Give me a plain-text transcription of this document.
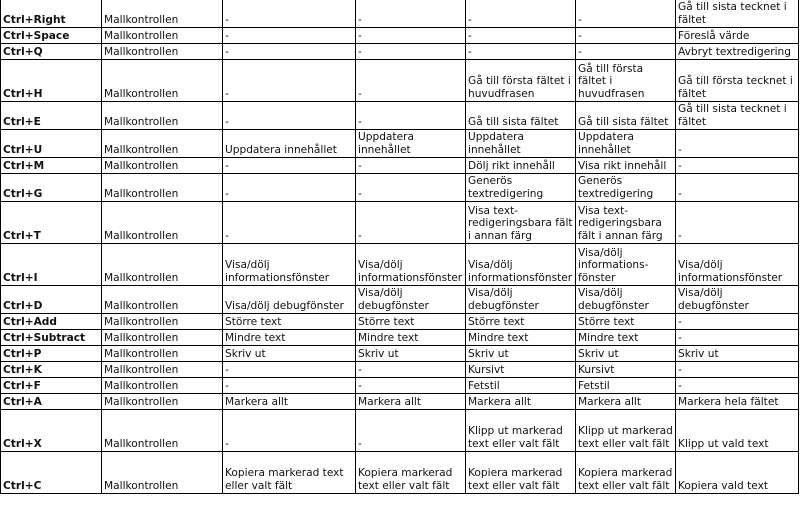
Ctrl+Right	Mallkontrollen	-	-	-	-	Gå till sista tecknet i fältet
Ctrl+Space	Mallkontrollen	-	-	-	-	Föreslå värde
Ctrl+Q	Mallkontrollen	-	-	-	-	Avbryt textredigering
Ctrl+H	Mallkontrollen	-	-	Gå till första fältet i huvudfrasen	Gå till första fältet i huvudfrasen	Gå till första tecknet i fältet
Ctrl+E	Mallkontrollen	-	-	Gå till sista fältet	Gå till sista fältet	Gå till sista tecknet i fältet
Ctrl+U	Mallkontrollen	Uppdatera innehållet	Uppdatera innehållet	Uppdatera innehållet	Uppdatera innehållet	-
Ctrl+M	Mallkontrollen	-	-	Dölj rikt innehåll	Visa rikt innehåll	-
Ctrl+G	Mallkontrollen	-	-	Generös textredigering	Generös textredigering	-
Ctrl+T	Mallkontrollen	-	-	Visa text-redigeringsbara fält i annan färg	Visa text-redigeringsbara fält i annan färg	-
Ctrl+I	Mallkontrollen	Visa/dölj informationsfönster	Visa/dölj informationsfönster	Visa/dölj informationsfönster	Visa/dölj informations-fönster	Visa/dölj informationsfönster
Ctrl+D	Mallkontrollen	Visa/dölj debugfönster	Visa/dölj debugfönster	Visa/dölj debugfönster	Visa/dölj debugfönster	Visa/dölj debugfönster
Ctrl+Add	Mallkontrollen	Större text	Större text	Större text	Större text	-
Ctrl+Subtract	Mallkontrollen	Mindre text	Mindre text	Mindre text	Mindre text	-
Ctrl+P	Mallkontrollen	Skriv ut	Skriv ut	Skriv ut	Skriv ut	Skriv ut
Ctrl+K	Mallkontrollen	-	-	Kursivt	Kursivt	-
Ctrl+F	Mallkontrollen	-	-	Fetstil	Fetstil	-
Ctrl+A	Mallkontrollen	Markera allt	Markera allt	Markera allt	Markera allt	Markera hela fältet
Ctrl+X	Mallkontrollen	-	-	Klipp ut markerad text eller valt fält	Klipp ut markerad text eller valt fält	Klipp ut vald text
Ctrl+C	Mallkontrollen	Kopiera markerad text eller valt fält	Kopiera markerad text eller valt fält	Kopiera markerad text eller valt fält	Kopiera markerad text eller valt fält	Kopiera vald text
